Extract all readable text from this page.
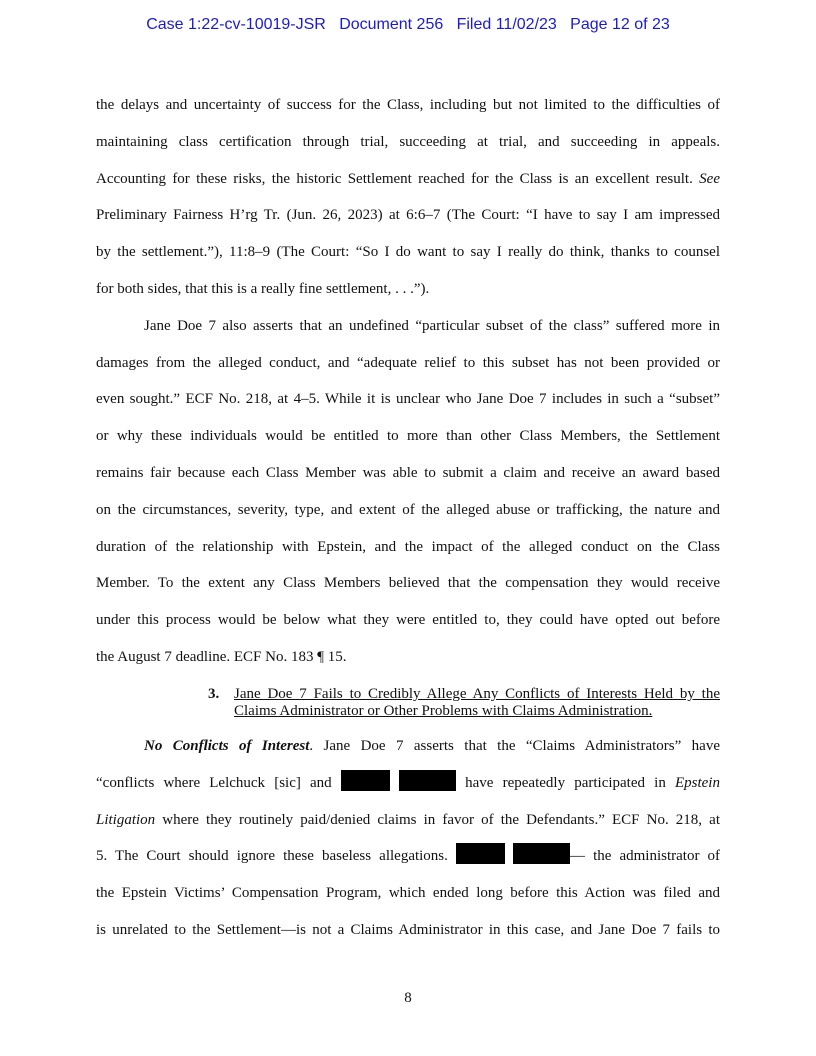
Case 1:22-cv-10019-JSR Document 256 Filed 11/02/23 Page 12 of 23
the delays and uncertainty of success for the Class, including but not limited to the difficulties of
maintaining class certification through trial, succeeding at trial, and succeeding in appeals.
Accounting for these risks, the historic Settlement reached for the Class is an excellent result. See
Preliminary Fairness H’rg Tr. (Jun. 26, 2023) at 6:6–7 (The Court: “I have to say I am impressed
by the settlement.”), 11:8–9 (The Court: “So I do want to say I really do think, thanks to counsel
for both sides, that this is a really fine settlement, . . .”).
Jane Doe 7 also asserts that an undefined “particular subset of the class” suffered more in
damages from the alleged conduct, and “adequate relief to this subset has not been provided or
even sought.” ECF No. 218, at 4–5. While it is unclear who Jane Doe 7 includes in such a “subset”
or why these individuals would be entitled to more than other Class Members, the Settlement
remains fair because each Class Member was able to submit a claim and receive an award based
on the circumstances, severity, type, and extent of the alleged abuse or trafficking, the nature and
duration of the relationship with Epstein, and the impact of the alleged conduct on the Class
Member. To the extent any Class Members believed that the compensation they would receive
under this process would be below what they were entitled to, they could have opted out before
the August 7 deadline. ECF No. 183 ¶ 15.
3. Jane Doe 7 Fails to Credibly Allege Any Conflicts of Interests Held by the
Claims Administrator or Other Problems with Claims Administration.
No Conflicts of Interest. Jane Doe 7 asserts that the “Claims Administrators” have
“conflicts where Lelchuck [sic] and	have repeatedly participated in Epstein
Litigation where they routinely paid/denied claims in favor of the Defendants.” ECF No. 218, at
5. The Court should ignore these baseless allegations.	— the administrator of
the Epstein Victims’ Compensation Program, which ended long before this Action was filed and
is unrelated to the Settlement—is not a Claims Administrator in this case, and Jane Doe 7 fails to
8
